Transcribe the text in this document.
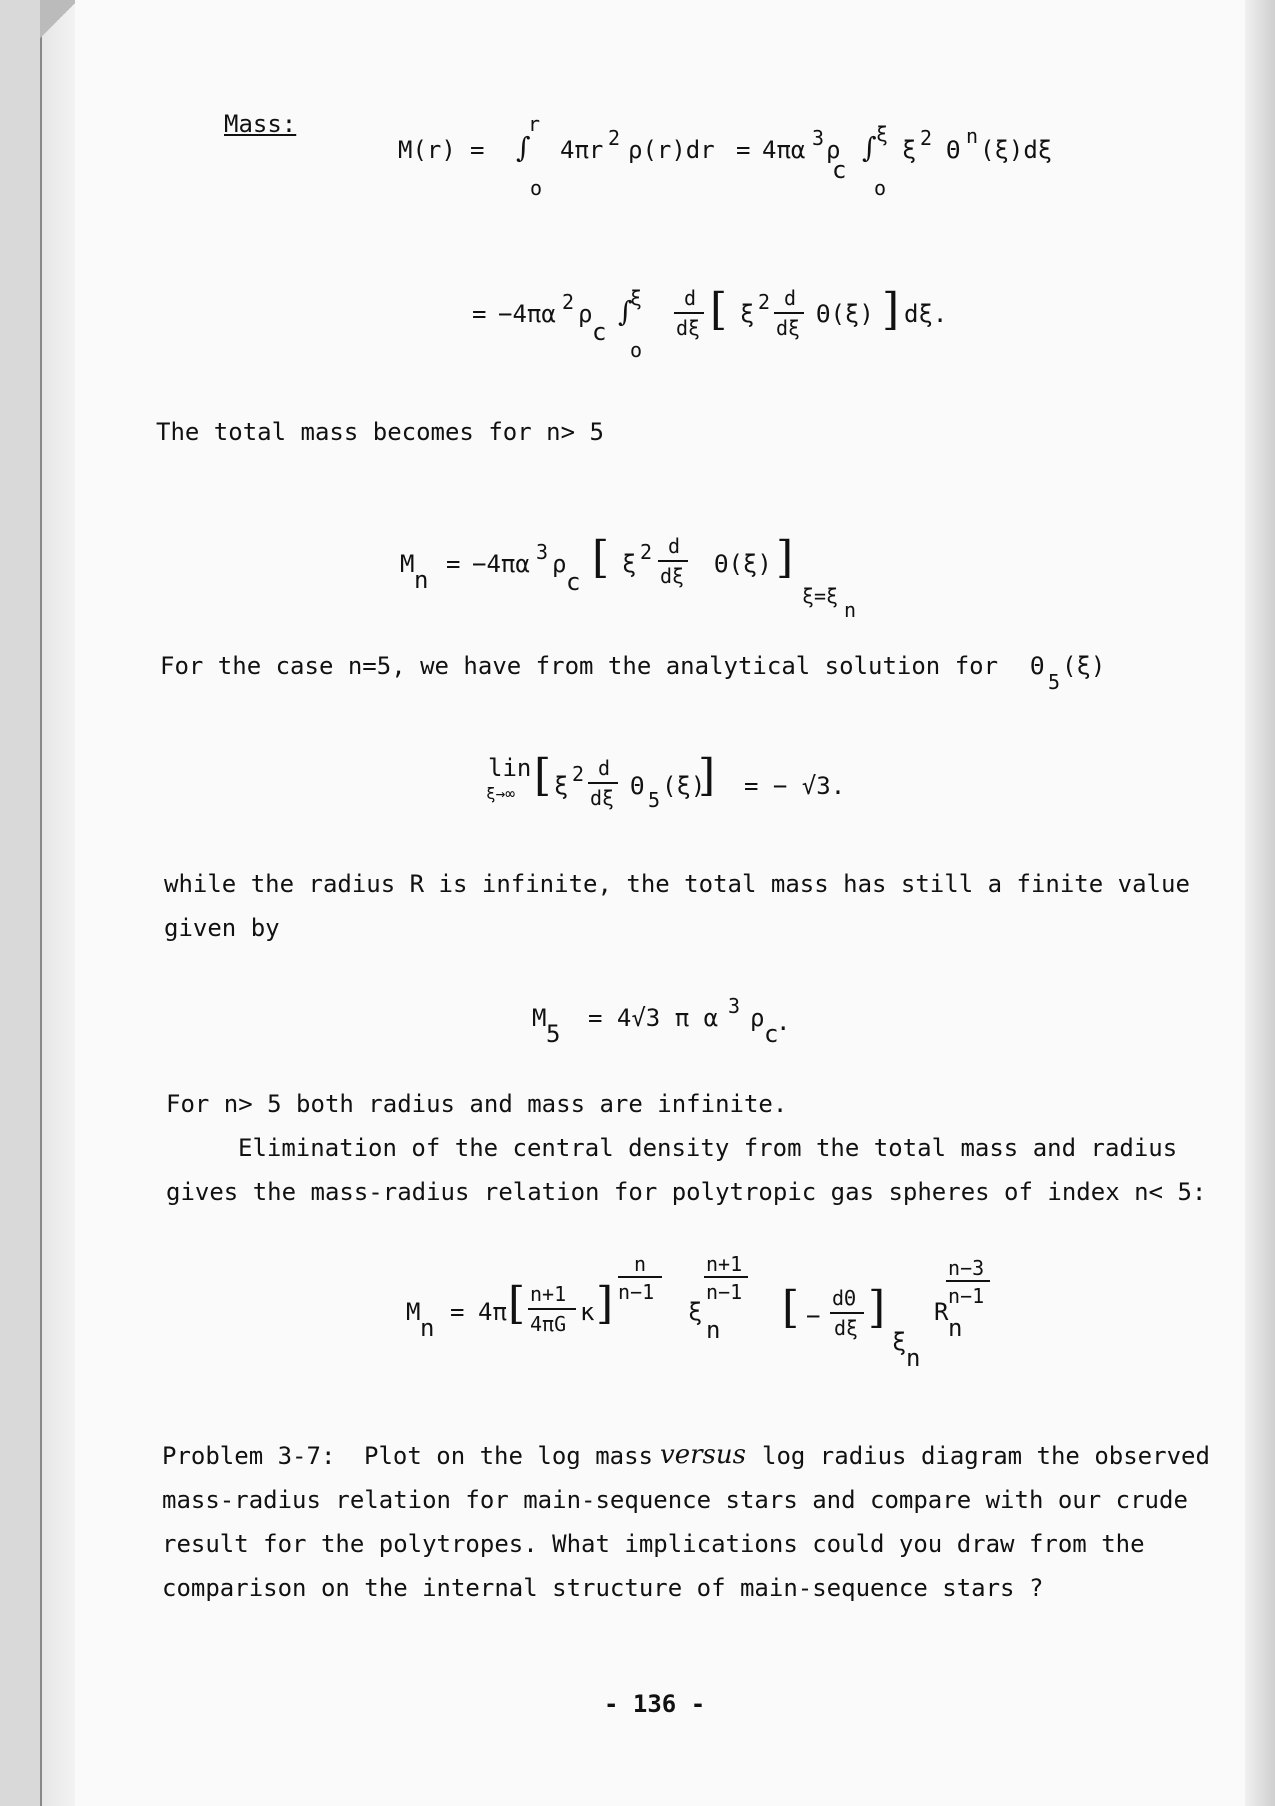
Mass:
M(r) =
r
∫
o
4πr 2 ρ(r)dr = 4πα 3 ρ
c
∫ ξ
o
ξ 2 Θ n (ξ)dξ
= −4πα 2 ρ
c
∫
ξ
o
d
dξ [ ξ 2 d
dξ Θ(ξ) ] dξ.
The total mass becomes for n> 5
M
n
= −4πα 3 ρ
c [ ξ 2 d
dξ Θ(ξ) ]
ξ=ξ
n
For the case n=5, we have from the analytical solution for Θ
5
(ξ)
lin
ξ→∞ [ ξ 2 d
dξ Θ 5 (ξ)
] = − √3.
while the radius R is infinite, the total mass has still a finite value
given by
M
5
= 4√3 π α 3 ρ
c
.
For n> 5 both radius and mass are infinite.
Elimination of the central density from the total mass and radius
gives the mass-radius relation for polytropic gas spheres of index n< 5:
M
n
= 4π [ n+1
4πG κ ]
n
n−1
n+1
n−1
ξ
n [ −
dΘ
dξ ]
ξ
n
n−3
n−1
R
n
Problem 3-7: Plot on the log mass versus log radius diagram the observed
mass-radius relation for main-sequence stars and compare with our crude
result for the polytropes. What implications could you draw from the
comparison on the internal structure of main-sequence stars ?
- 136 -
